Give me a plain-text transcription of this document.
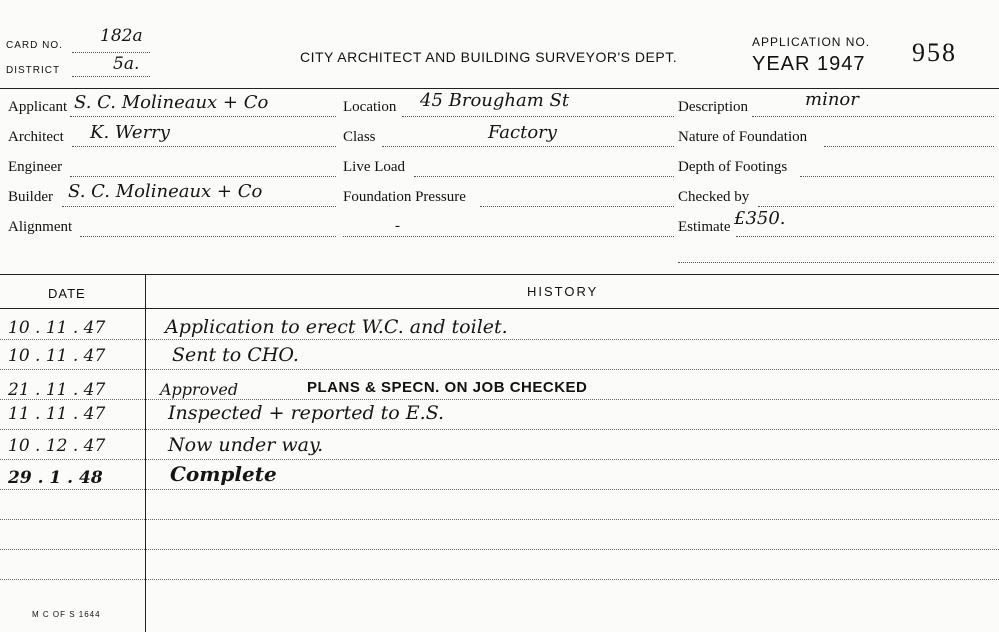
CARD NO. 182a
DISTRICT	5a.	CITY ARCHITECT AND BUILDING SURVEYOR'S DEPT.
APPLICATION NO. 958
YEAR 1947
Applicant S. C. Molineaux + Co
Architect K. Werry
Engineer
Builder S. C. Molineaux + Co
Alignment
Location 45 Brougham St
Class	Factory
Live Load
Foundation Pressure
-
Description	minor
Nature of Foundation
Depth of Footings
Checked by
Estimate £350.
DATE	HISTORY
10 . 11 . 47	Application to erect W.C. and toilet.
10 . 11 . 47	Sent to CHO.
21 . 11 . 47	Approved	PLANS & SPECN. ON JOB CHECKED
11 . 11 . 47	Inspected + reported to E.S.
10 . 12 . 47	Now under way.
29 . 1 . 48	Complete
M C OF S 1644
